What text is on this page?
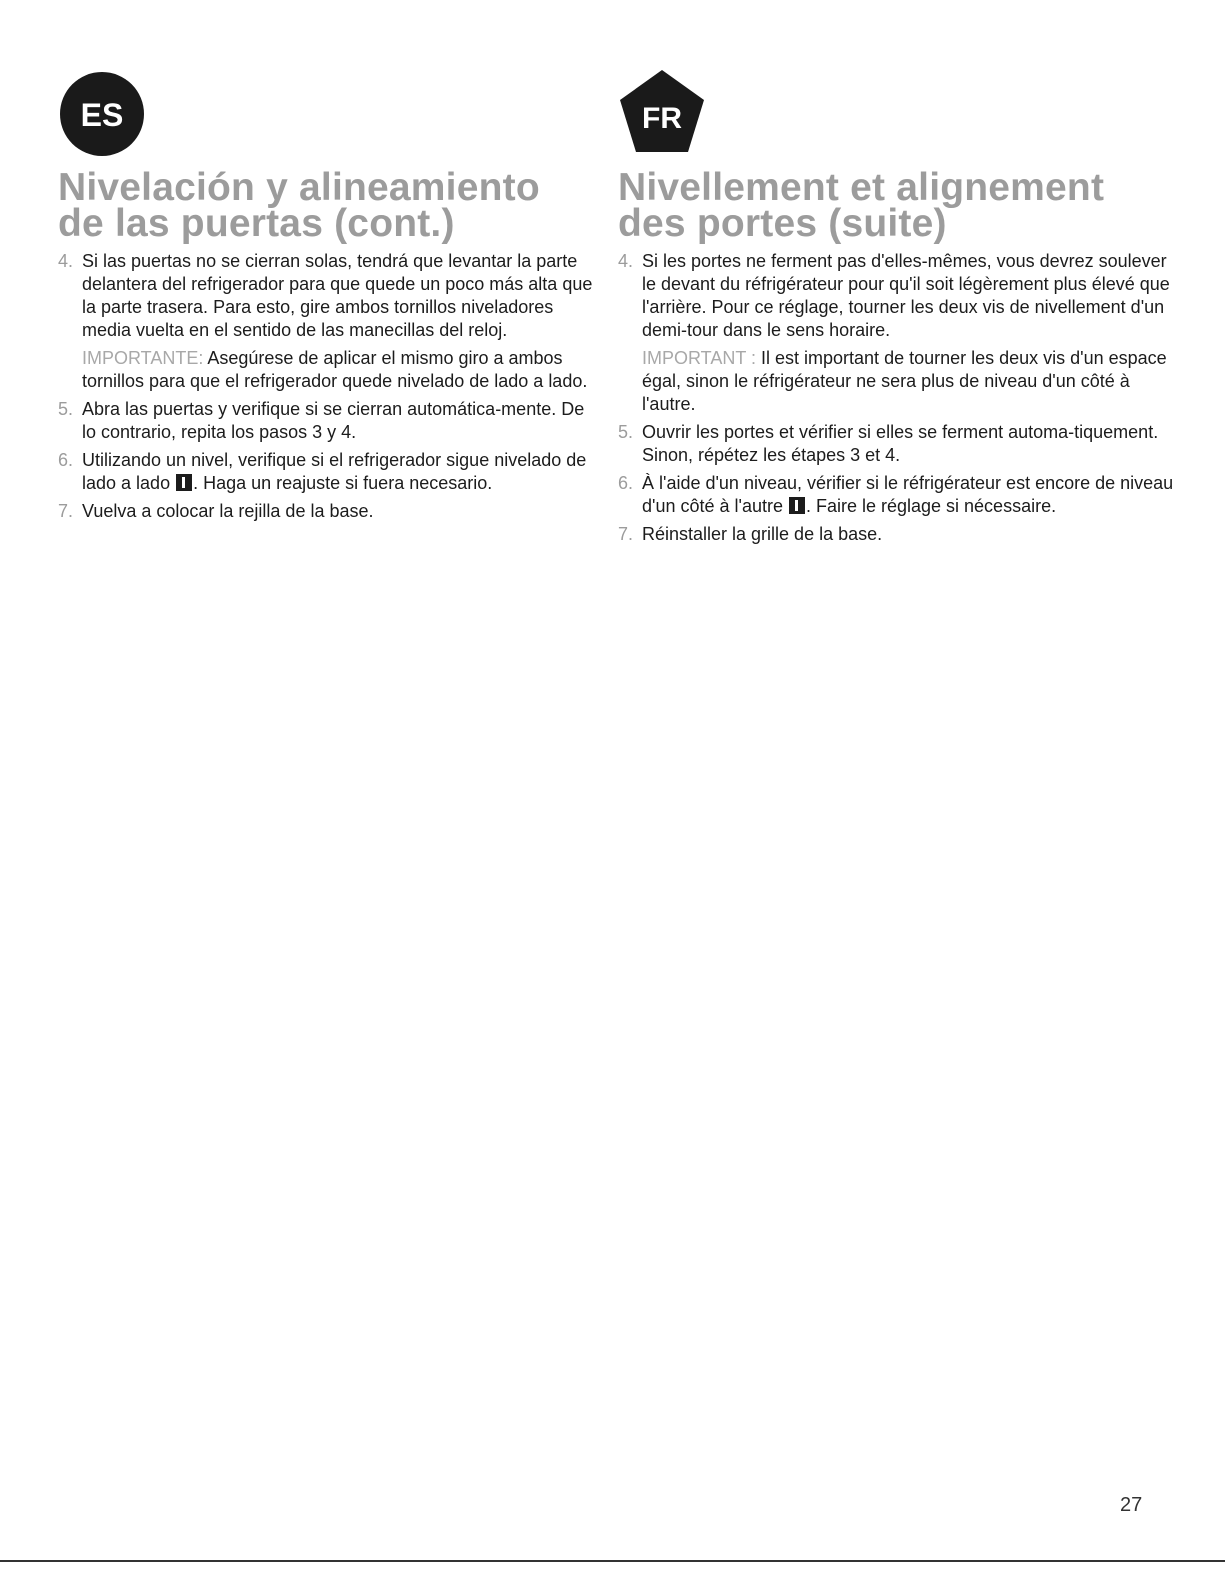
ES
Nivelación y alineamiento
de las puertas (cont.)
4. Si las puertas no se cierran solas, tendrá que levantar la parte delantera del refrigerador para que quede un poco más alta que la parte trasera. Para esto, gire ambos tornillos niveladores media vuelta en el sentido de las manecillas del reloj.
IMPORTANTE: Asegúrese de aplicar el mismo giro a ambos tornillos para que el refrigerador quede nivelado de lado a lado.
5. Abra las puertas y verifique si se cierran automática-mente. De lo contrario, repita los pasos 3 y 4.
6. Utilizando un nivel, verifique si el refrigerador sigue nivelado de lado a lado . Haga un reajuste si fuera necesario.
7. Vuelva a colocar la rejilla de la base.
FR
Nivellement et alignement
des portes (suite)
4. Si les portes ne ferment pas d'elles-mêmes, vous devrez soulever le devant du réfrigérateur pour qu'il soit légèrement plus élevé que l'arrière. Pour ce réglage, tourner les deux vis de nivellement d'un demi-tour dans le sens horaire.
IMPORTANT : Il est important de tourner les deux vis d'un espace égal, sinon le réfrigérateur ne sera plus de niveau d'un côté à l'autre.
5. Ouvrir les portes et vérifier si elles se ferment automa-tiquement. Sinon, répétez les étapes 3 et 4.
6. À l'aide d'un niveau, vérifier si le réfrigérateur est encore de niveau d'un côté à l'autre . Faire le réglage si nécessaire.
7. Réinstaller la grille de la base.
27
